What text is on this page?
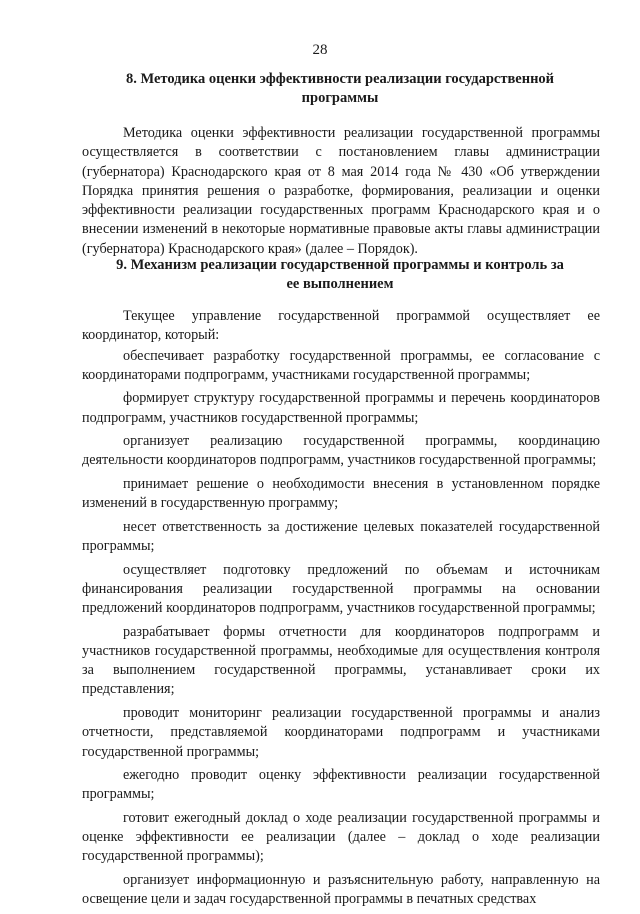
28
8. Методика оценки эффективности реализации государственной
программы

Методика оценки эффективности реализации государственной программы осуществляется в соответствии с постановлением главы администрации (губернатора) Краснодарского края от 8 мая 2014 года № 430 «Об утверждении Порядка принятия решения о разработке, формирования, реализации и оценки эффективности реализации государственных программ Краснодарского края и о внесении изменений в некоторые нормативные правовые акты главы администрации (губернатора) Краснодарского края» (далее – Порядок).

9. Механизм реализации государственной программы и контроль за
ее выполнением

Текущее управление государственной программой осуществляет ее координатор, который:

обеспечивает разработку государственной программы, ее согласование с координаторами подпрограмм, участниками государственной программы;

формирует структуру государственной программы и перечень координаторов подпрограмм, участников государственной программы;

организует реализацию государственной программы, координацию деятельности координаторов подпрограмм, участников государственной программы;

принимает решение о необходимости внесения в установленном порядке изменений в государственную программу;

несет ответственность за достижение целевых показателей государственной программы;

осуществляет подготовку предложений по объемам и источникам финансирования реализации государственной программы на основании предложений координаторов подпрограмм, участников государственной программы;

разрабатывает формы отчетности для координаторов подпрограмм и участников государственной программы, необходимые для осуществления контроля за выполнением государственной программы, устанавливает сроки их представления;

проводит мониторинг реализации государственной программы и анализ отчетности, представляемой координаторами подпрограмм и участниками государственной программы;

ежегодно проводит оценку эффективности реализации государственной программы;

готовит ежегодный доклад о ходе реализации государственной программы и оценке эффективности ее реализации (далее – доклад о ходе реализации государственной программы);

организует информационную и разъяснительную работу, направленную на освещение цели и задач государственной программы в печатных средствах
